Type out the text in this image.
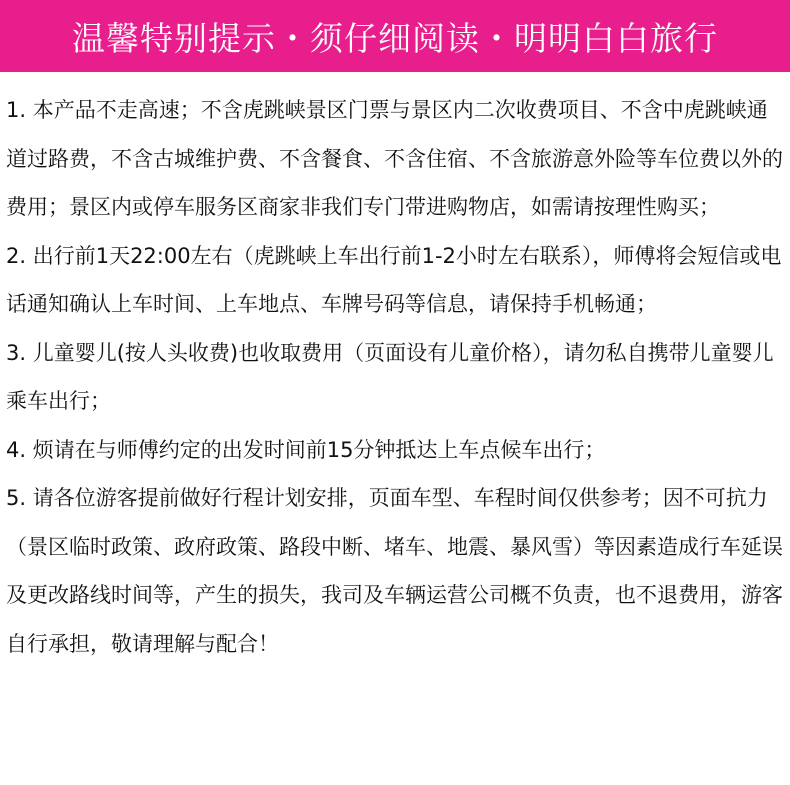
温馨特别提示・须仔细阅读・明明白白旅行

1. 本产品不走高速；不含虎跳峡景区门票与景区内二次收费项目、不含中虎跳峡通道过路费，不含古城维护费、不含餐食、不含住宿、不含旅游意外险等车位费以外的费用；景区内或停车服务区商家非我们专门带进购物店，如需请按理性购买；

2. 出行前1天22:00左右（虎跳峡上车出行前1-2小时左右联系），师傅将会短信或电话通知确认上车时间、上车地点、车牌号码等信息，请保持手机畅通；

3. 儿童婴儿(按人头收费)也收取费用（页面设有儿童价格），请勿私自携带儿童婴儿乘车出行；

4. 烦请在与师傅约定的出发时间前15分钟抵达上车点候车出行；

5. 请各位游客提前做好行程计划安排，页面车型、车程时间仅供参考；因不可抗力（景区临时政策、政府政策、路段中断、堵车、地震、暴风雪）等因素造成行车延误及更改路线时间等，产生的损失，我司及车辆运营公司概不负责，也不退费用，游客自行承担，敬请理解与配合！
